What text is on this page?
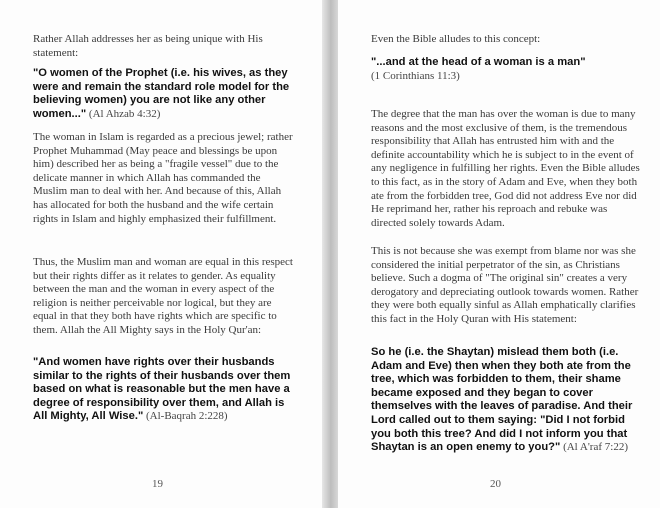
Rather Allah addresses her as being unique with His statement:

"O women of the Prophet (i.e. his wives, as they were and remain the standard role model for the believing women) you are not like any other women..." (Al Ahzab 4:32)

The woman in Islam is regarded as a precious jewel; rather Prophet Muhammad (May peace and blessings be upon him) described her as being a "fragile vessel" due to the delicate manner in which Allah has commanded the Muslim man to deal with her. And because of this, Allah has allocated for both the husband and the wife certain rights in Islam and highly emphasized their fulfillment.

Thus, the Muslim man and woman are equal in this respect but their rights differ as it relates to gender. As equality between the man and the woman in every aspect of the religion is neither perceivable nor logical, but they are equal in that they both have rights which are specific to them. Allah the All Mighty says in the Holy Qur'an:

"And women have rights over their husbands similar to the rights of their husbands over them based on what is reasonable but the men have a degree of responsibility over them, and Allah is All Mighty, All Wise." (Al-Baqrah 2:228)

19

Even the Bible alludes to this concept:

"...and at the head of a woman is a man"
(1 Corinthians 11:3)

The degree that the man has over the woman is due to many reasons and the most exclusive of them, is the tremendous responsibility that Allah has entrusted him with and the definite accountability which he is subject to in the event of any negligence in fulfilling her rights. Even the Bible alludes to this fact, as in the story of Adam and Eve, when they both ate from the forbidden tree, God did not address Eve nor did He reprimand her, rather his reproach and rebuke was directed solely towards Adam.

This is not because she was exempt from blame nor was she considered the initial perpetrator of the sin, as Christians believe. Such a dogma of "The original sin" creates a very derogatory and depreciating outlook towards women. Rather they were both equally sinful as Allah emphatically clarifies this fact in the Holy Quran with His statement:

So he (i.e. the Shaytan) mislead them both (i.e. Adam and Eve) then when they both ate from the tree, which was forbidden to them, their shame became exposed and they began to cover themselves with the leaves of paradise. And their Lord called out to them saying: "Did I not forbid you both this tree? And did I not inform you that Shaytan is an open enemy to you?" (Al A'raf 7:22)

20
